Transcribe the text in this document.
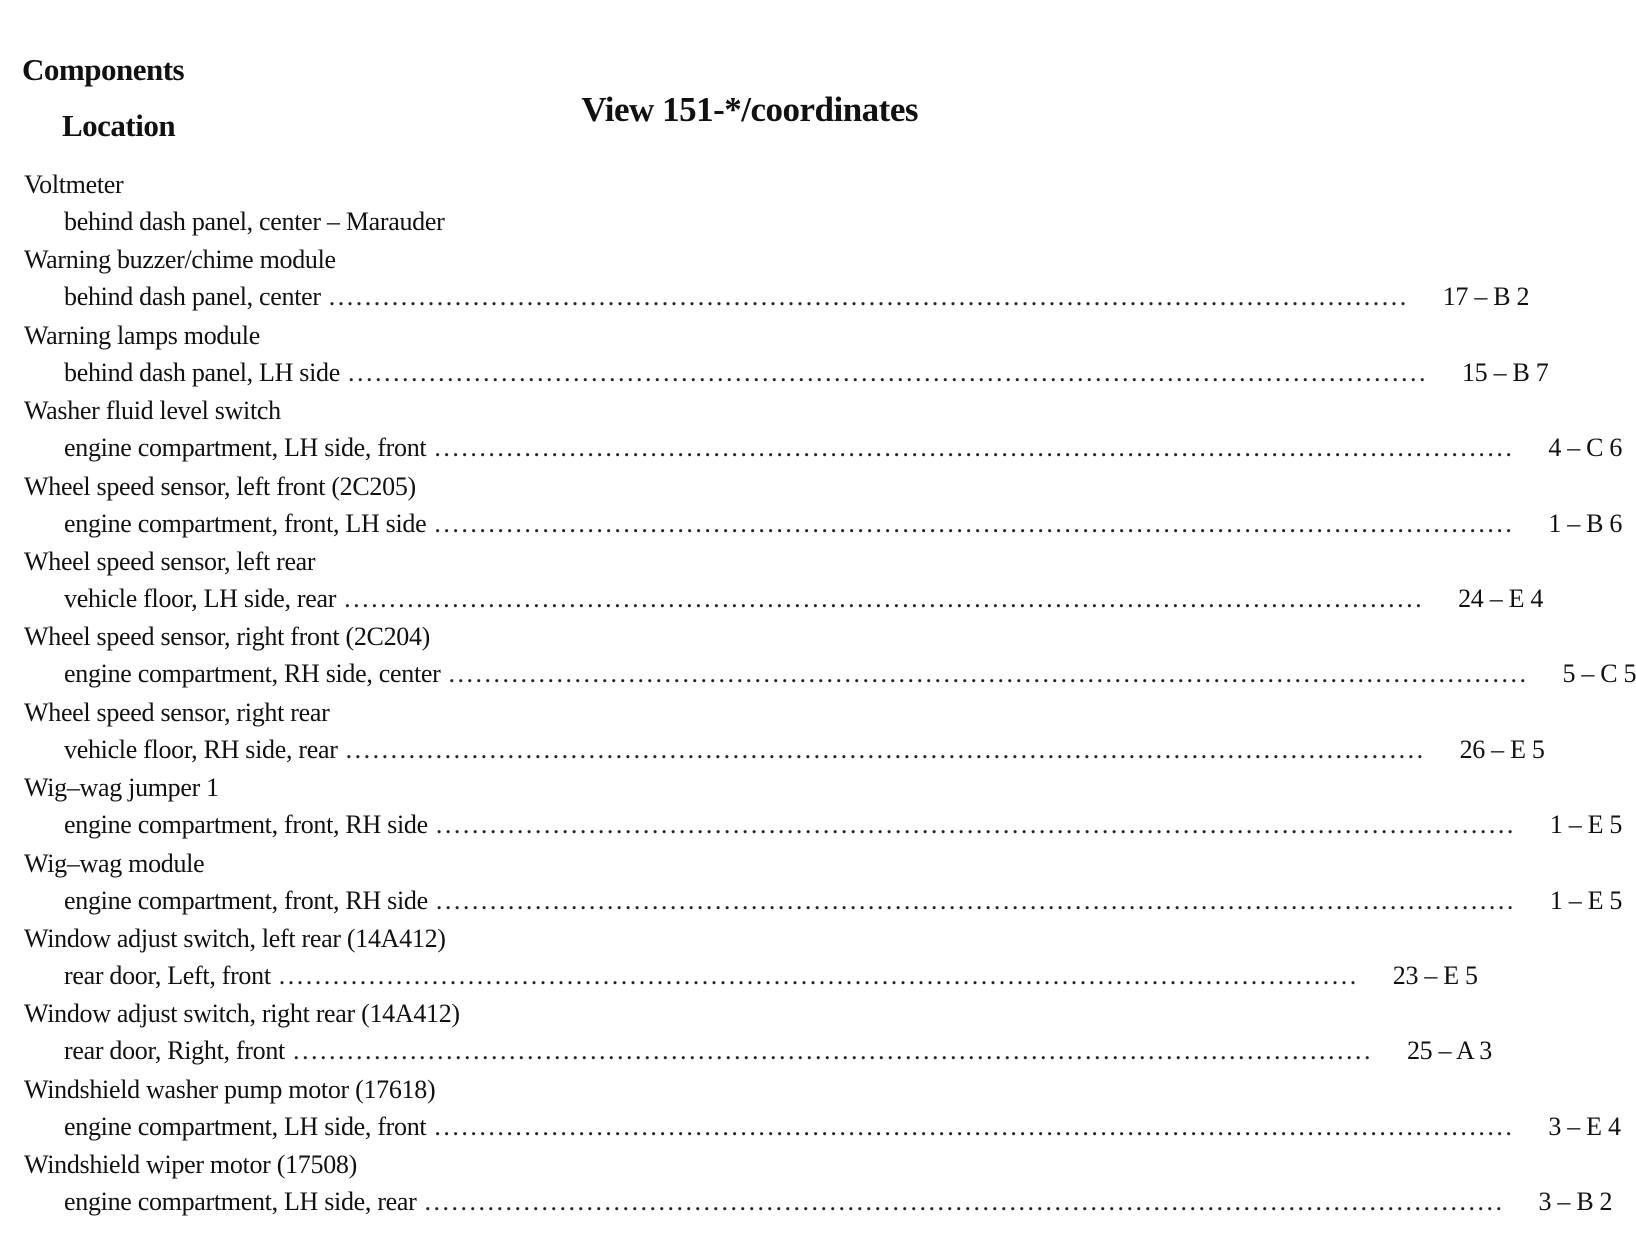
Components
Location	View 151-*/coordinates
Voltmeter
behind dash panel, center – Marauder
Warning buzzer/chime module
behind dash panel, center ........................................................................................................................ 17 – B 2
Warning lamps module
behind dash panel, LH side ........................................................................................................................ 15 – B 7
Washer fluid level switch
engine compartment, LH side, front ........................................................................................................................ 4 – C 6
Wheel speed sensor, left front (2C205)
engine compartment, front, LH side ........................................................................................................................ 1 – B 6
Wheel speed sensor, left rear
vehicle floor, LH side, rear ........................................................................................................................ 24 – E 4
Wheel speed sensor, right front (2C204)
engine compartment, RH side, center ........................................................................................................................ 5 – C 5
Wheel speed sensor, right rear
vehicle floor, RH side, rear ........................................................................................................................ 26 – E 5
Wig–wag jumper 1
engine compartment, front, RH side ........................................................................................................................ 1 – E 5
Wig–wag module
engine compartment, front, RH side ........................................................................................................................ 1 – E 5
Window adjust switch, left rear (14A412)
rear door, Left, front ........................................................................................................................ 23 – E 5
Window adjust switch, right rear (14A412)
rear door, Right, front ........................................................................................................................ 25 – A 3
Windshield washer pump motor (17618)
engine compartment, LH side, front ........................................................................................................................ 3 – E 4
Windshield wiper motor (17508)
engine compartment, LH side, rear ........................................................................................................................ 3 – B 2
